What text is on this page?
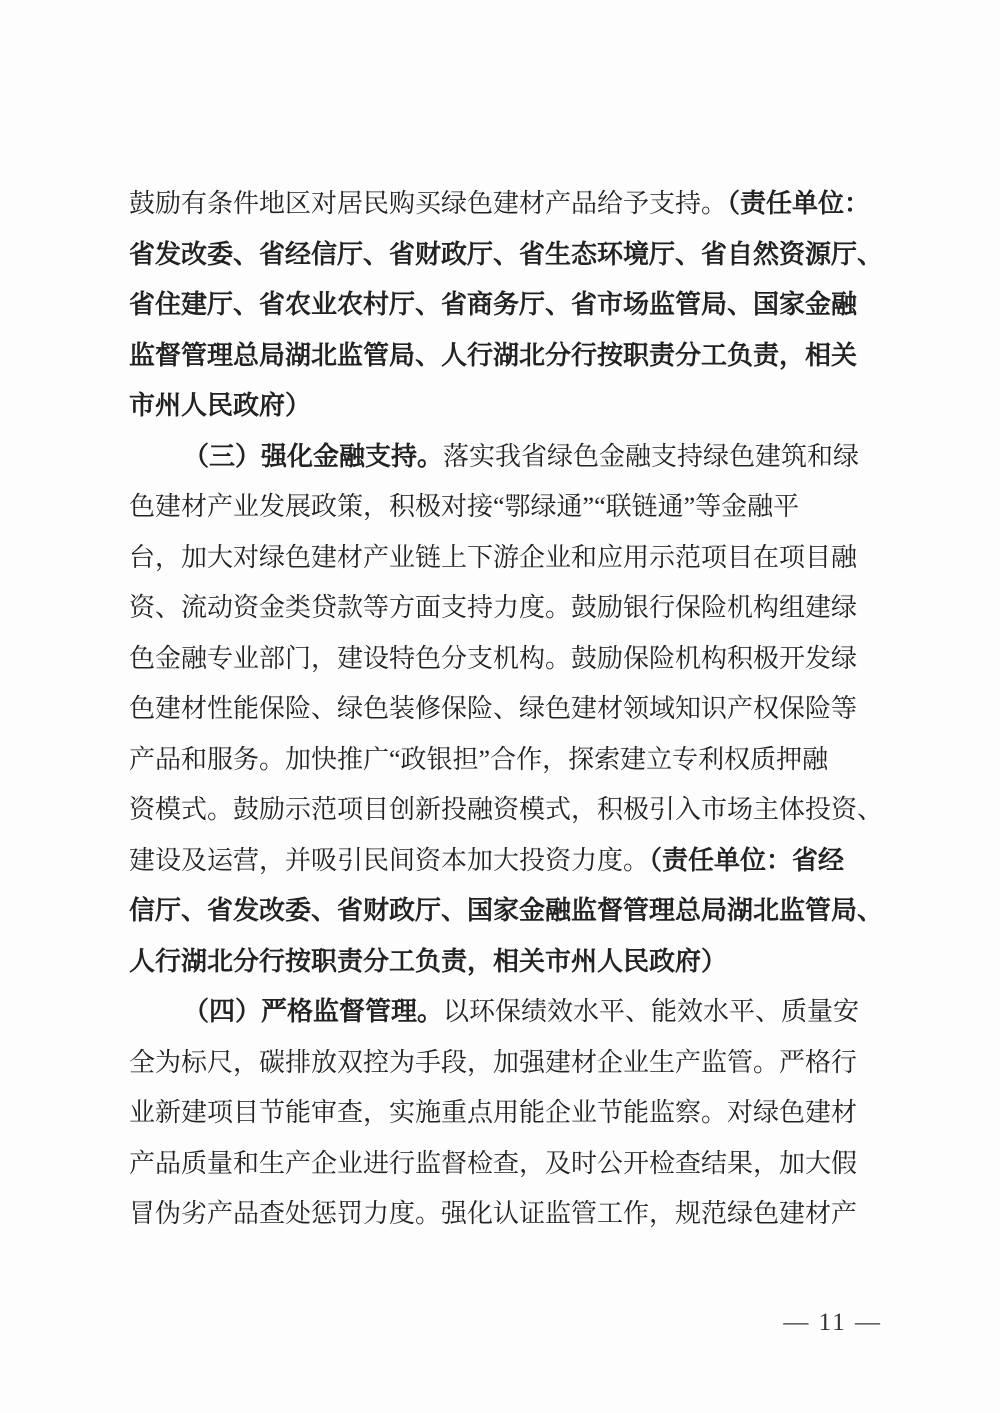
鼓励有条件地区对居民购买绿色建材产品给予支持。（责任单位：
省发改委、省经信厅、省财政厅、省生态环境厅、省自然资源厅、
省住建厅、省农业农村厅、省商务厅、省市场监管局、国家金融
监督管理总局湖北监管局、人行湖北分行按职责分工负责，相关
市州人民政府）
（三）强化金融支持。落实我省绿色金融支持绿色建筑和绿
色建材产业发展政策，积极对接“鄂绿通”“联链通”等金融平
台，加大对绿色建材产业链上下游企业和应用示范项目在项目融
资、流动资金类贷款等方面支持力度。鼓励银行保险机构组建绿
色金融专业部门，建设特色分支机构。鼓励保险机构积极开发绿
色建材性能保险、绿色装修保险、绿色建材领域知识产权保险等
产品和服务。加快推广“政银担”合作，探索建立专利权质押融
资模式。鼓励示范项目创新投融资模式，积极引入市场主体投资、
建设及运营，并吸引民间资本加大投资力度。（责任单位：省经
信厅、省发改委、省财政厅、国家金融监督管理总局湖北监管局、
人行湖北分行按职责分工负责，相关市州人民政府）
（四）严格监督管理。以环保绩效水平、能效水平、质量安
全为标尺，碳排放双控为手段，加强建材企业生产监管。严格行
业新建项目节能审查，实施重点用能企业节能监察。对绿色建材
产品质量和生产企业进行监督检查，及时公开检查结果，加大假
冒伪劣产品查处惩罚力度。强化认证监管工作，规范绿色建材产
— 11 —
